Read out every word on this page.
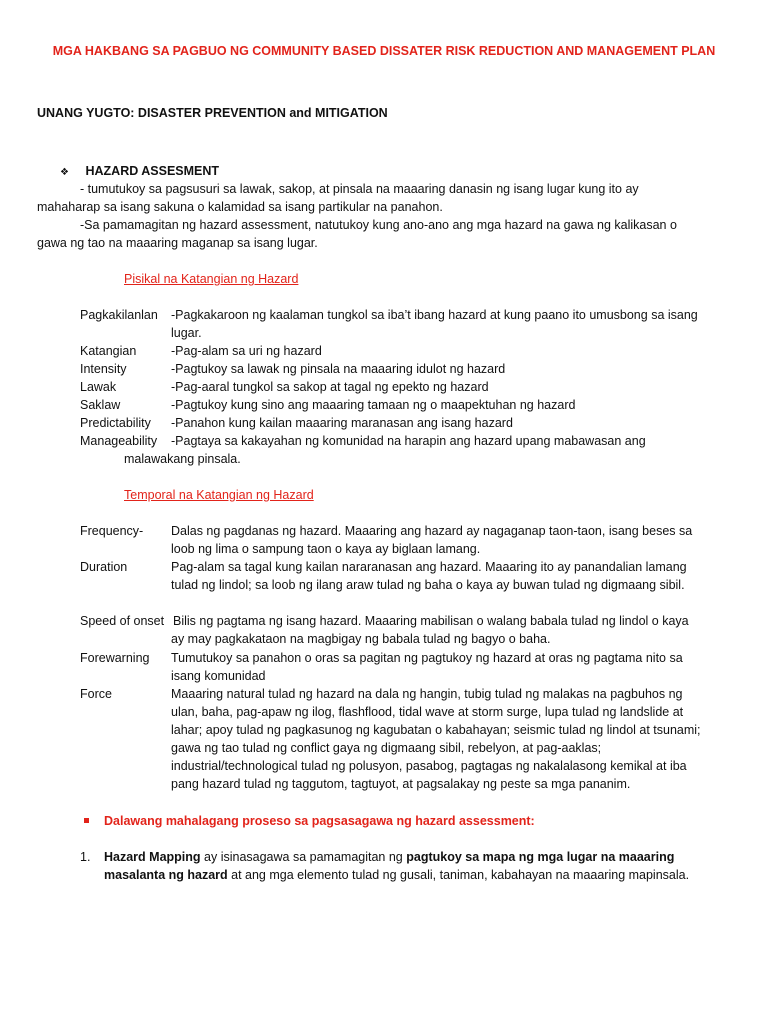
MGA HAKBANG SA PAGBUO NG COMMUNITY BASED DISSATER RISK REDUCTION AND MANAGEMENT PLAN
UNANG YUGTO: DISASTER PREVENTION and MITIGATION
❖ HAZARD ASSESMENT
- tumutukoy sa pagsusuri sa lawak, sakop, at pinsala na maaaring danasin ng isang lugar kung ito ay
mahaharap sa isang sakuna o kalamidad sa isang partikular na panahon.
-Sa pamamagitan ng hazard assessment, natutukoy kung ano-ano ang mga hazard na gawa ng kalikasan o
gawa ng tao na maaaring maganap sa isang lugar.
Pisikal na Katangian ng Hazard
Pagkakilanlan -Pagkakaroon ng kaalaman tungkol sa iba’t ibang hazard at kung paano ito umusbong sa isang
lugar.
Katangian	-Pag-alam sa uri ng hazard
Intensity	-Pagtukoy sa lawak ng pinsala na maaaring idulot ng hazard
Lawak	-Pag-aaral tungkol sa sakop at tagal ng epekto ng hazard
Saklaw	-Pagtukoy kung sino ang maaaring tamaan ng o maapektuhan ng hazard
Predictability -Panahon kung kailan maaaring maranasan ang isang hazard
Manageability -Pagtaya sa kakayahan ng komunidad na harapin ang hazard upang mabawasan ang
malawakang pinsala.
Temporal na Katangian ng Hazard
Frequency- Dalas ng pagdanas ng hazard. Maaaring ang hazard ay nagaganap taon-taon, isang beses sa
loob ng lima o sampung taon o kaya ay biglaan lamang.
Duration	Pag-alam sa tagal kung kailan nararanasan ang hazard. Maaaring ito ay panandalian lamang
tulad ng lindol; sa loob ng ilang araw tulad ng baha o kaya ay buwan tulad ng digmaang sibil.
Speed of onset Bilis ng pagtama ng isang hazard. Maaaring mabilisan o walang babala tulad ng lindol o kaya
ay may pagkakataon na magbigay ng babala tulad ng bagyo o baha.
Forewarning Tumutukoy sa panahon o oras sa pagitan ng pagtukoy ng hazard at oras ng pagtama nito sa
isang komunidad
Force	Maaaring natural tulad ng hazard na dala ng hangin, tubig tulad ng malakas na pagbuhos ng
ulan, baha, pag-apaw ng ilog, flashflood, tidal wave at storm surge, lupa tulad ng landslide at
lahar; apoy tulad ng pagkasunog ng kagubatan o kabahayan; seismic tulad ng lindol at tsunami;
gawa ng tao tulad ng conflict gaya ng digmaang sibil, rebelyon, at pag-aaklas;
industrial/technological tulad ng polusyon, pasabog, pagtagas ng nakalalasong kemikal at iba
pang hazard tulad ng taggutom, tagtuyot, at pagsalakay ng peste sa mga pananim.
Dalawang mahalagang proseso sa pagsasagawa ng hazard assessment:
1. Hazard Mapping ay isinasagawa sa pamamagitan ng pagtukoy sa mapa ng mga lugar na maaaring
masalanta ng hazard at ang mga elemento tulad ng gusali, taniman, kabahayan na maaaring mapinsala.
